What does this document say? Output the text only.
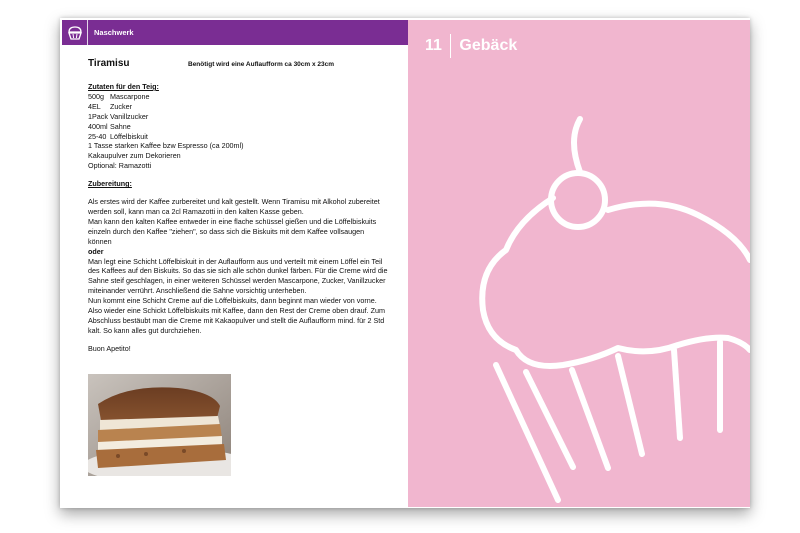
Naschwerk
Tiramisu	Benötigt wird eine Auflaufform ca 30cm x 23cm
Zutaten für den Teig:
500g Mascarpone
4EL	Zucker
1Pack Vanillzucker
400ml Sahne
25-40 Löffelbiskuit
1 Tasse starken Kaffee bzw Espresso (ca 200ml)
Kakaupulver zum Dekorieren
Optional: Ramazotti
Zubereitung:

Als erstes wird der Kaffee zurbereitet und kalt gestellt. Wenn Tiramisu mit Alkohol zubereitet werden soll, kann man ca 2cl Ramazotti in den kalten Kasse geben.

Man kann den kalten Kaffee entweder in eine flache schüssel gießen und die Löffelbiskuits einzeln durch den Kaffee "ziehen", so dass sich die Biskuits mit dem Kaffee vollsaugen können

oder

Man legt eine Schicht Löffelbiskuit in der Auflaufform aus und verteilt mit einem Löffel ein Teil des Kaffees auf den Biskuits. So das sie sich alle schön dunkel färben. Für die Creme wird die Sahne steif geschlagen, in einer weiteren Schüssel werden Mascarpone, Zucker, Vanillzucker miteinander verrührt. Anschließend die Sahne vorsichtig unterheben.

Nun kommt eine Schicht Creme auf die Löffelbiskuits, dann beginnt man wieder von vorne. Also wieder eine Schickt Löffelbiskuits mit Kaffee, dann den Rest der Creme oben drauf. Zum Abschluss bestäubt man die Creme mit Kakaopulver und stellt die Auflaufform mind. für 2 Std kalt. So kann alles gut durchziehen.

Buon Apetito!
11 Gebäck
